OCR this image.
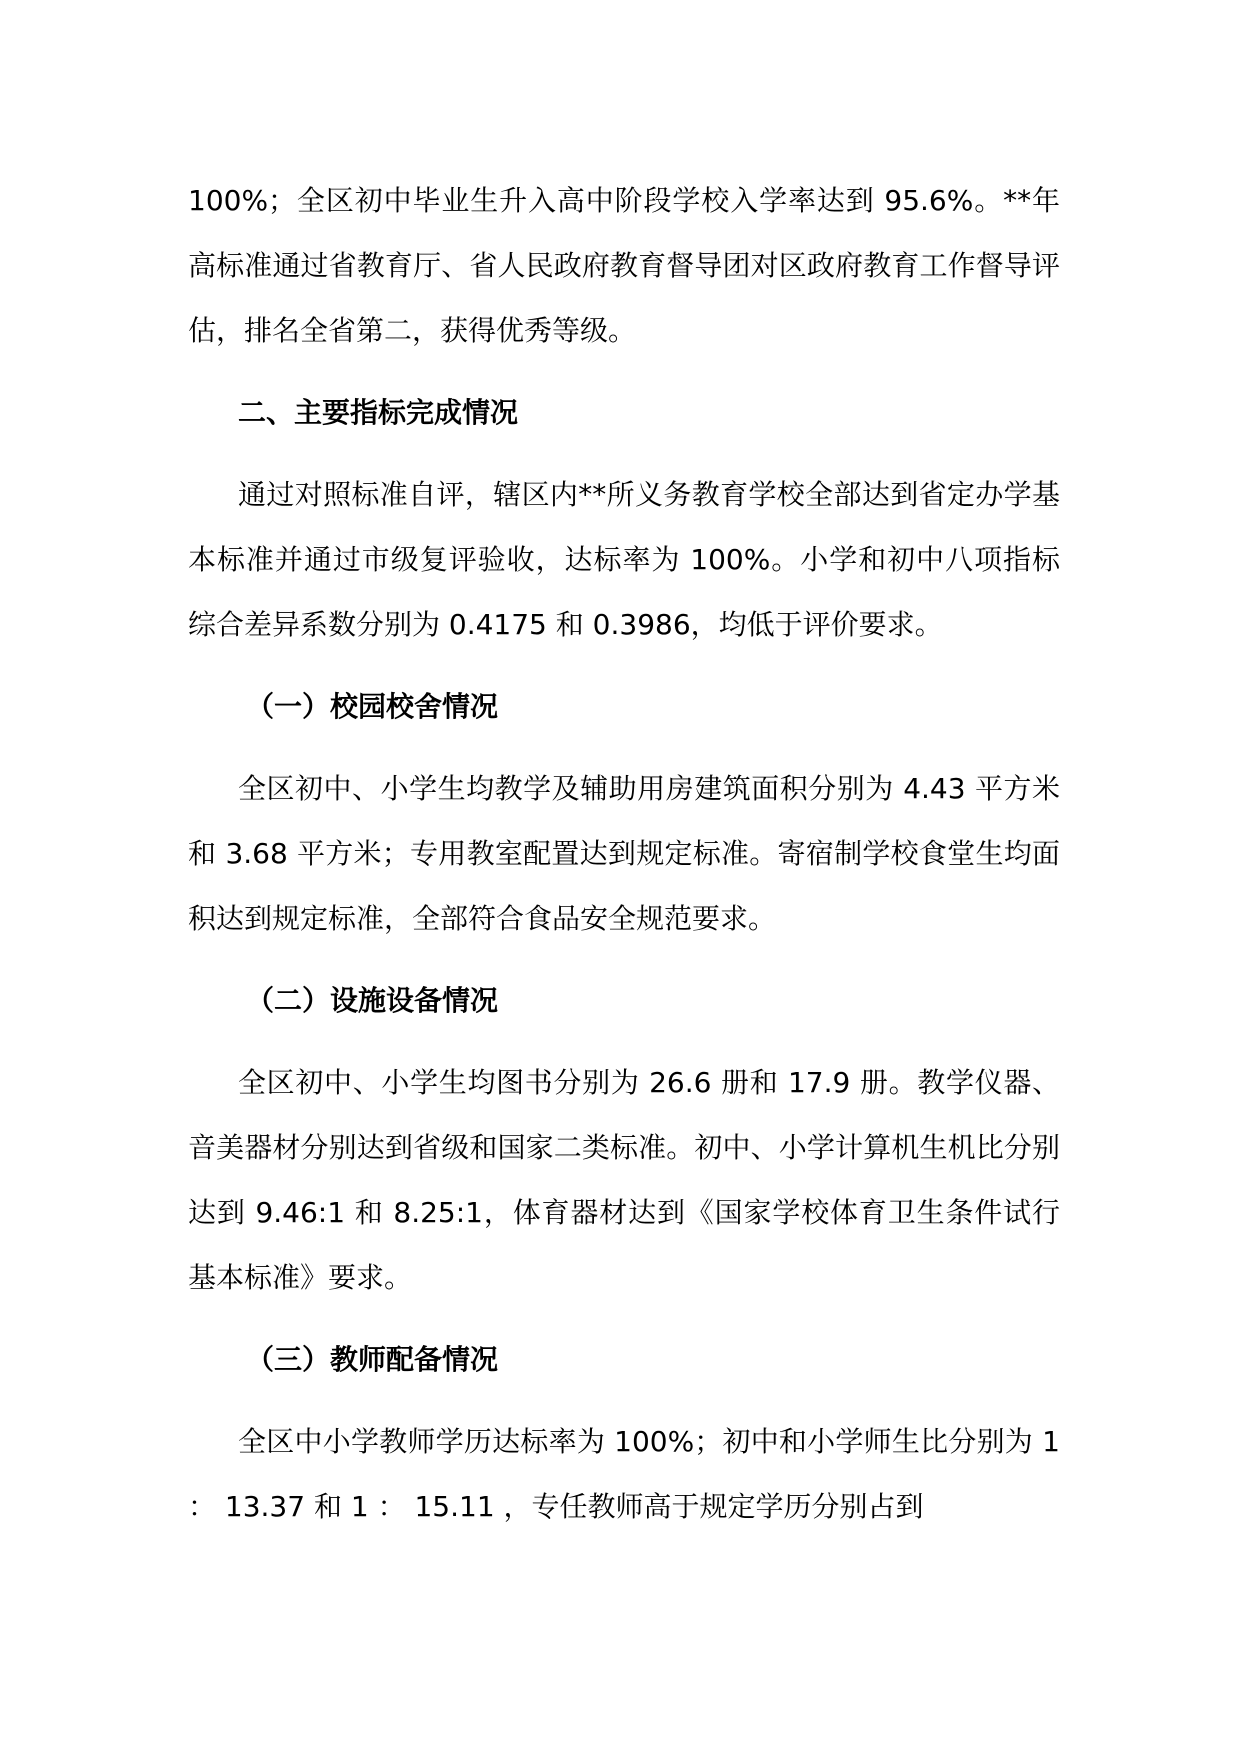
100%；全区初中毕业生升入高中阶段学校入学率达到 95.6%。**年高标准通过省教育厅、省人民政府教育督导团对区政府教育工作督导评估，排名全省第二，获得优秀等级。

二、主要指标完成情况

通过对照标准自评，辖区内**所义务教育学校全部达到省定办学基本标准并通过市级复评验收，达标率为 100%。小学和初中八项指标综合差异系数分别为 0.4175 和 0.3986，均低于评价要求。

（一）校园校舍情况

全区初中、小学生均教学及辅助用房建筑面积分别为 4.43 平方米和 3.68 平方米；专用教室配置达到规定标准。寄宿制学校食堂生均面积达到规定标准，全部符合食品安全规范要求。

（二）设施设备情况

全区初中、小学生均图书分别为 26.6 册和 17.9 册。教学仪器、音美器材分别达到省级和国家二类标准。初中、小学计算机生机比分别达到 9.46:1 和 8.25:1，体育器材达到《国家学校体育卫生条件试行基本标准》要求。

（三）教师配备情况

全区中小学教师学历达标率为 100%；初中和小学师生比分别为 1 ： 13.37 和 1 ： 15.11 ，专任教师高于规定学历分别占到
